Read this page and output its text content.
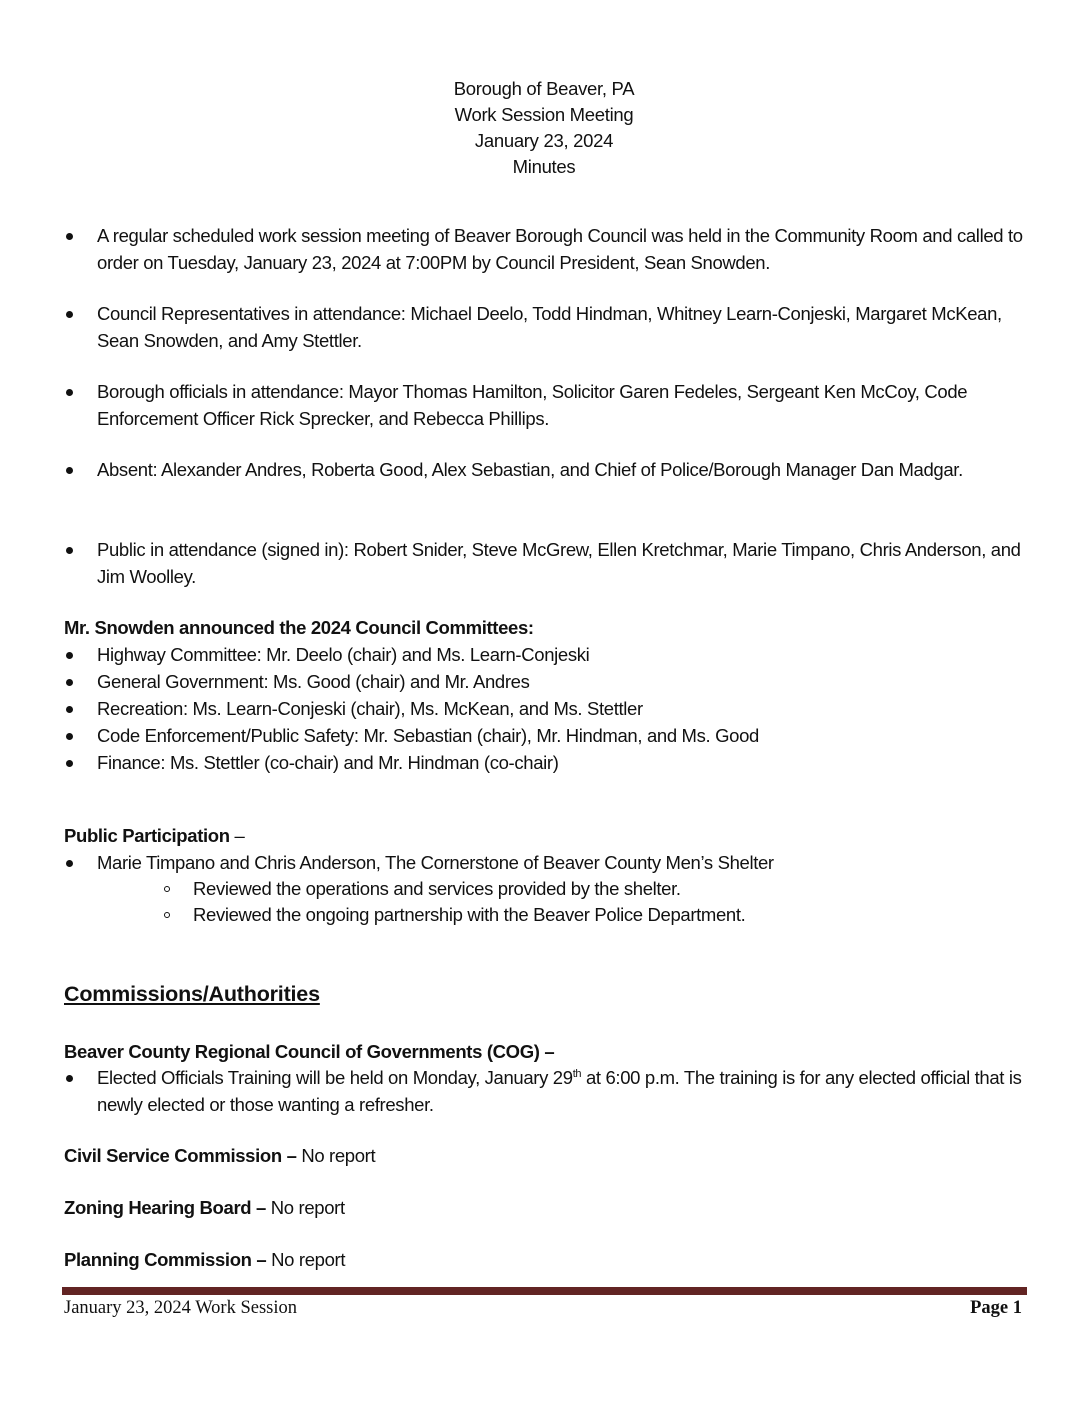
Borough of Beaver, PA
Work Session Meeting
January 23, 2024
Minutes
A regular scheduled work session meeting of Beaver Borough Council was held in the Community Room and called to order on Tuesday, January 23, 2024 at 7:00PM by Council President, Sean Snowden.
Council Representatives in attendance: Michael Deelo, Todd Hindman, Whitney Learn-Conjeski, Margaret McKean, Sean Snowden, and Amy Stettler.
Borough officials in attendance: Mayor Thomas Hamilton, Solicitor Garen Fedeles, Sergeant Ken McCoy, Code Enforcement Officer Rick Sprecker, and Rebecca Phillips.
Absent: Alexander Andres, Roberta Good, Alex Sebastian, and Chief of Police/Borough Manager Dan Madgar.
Public in attendance (signed in): Robert Snider, Steve McGrew, Ellen Kretchmar, Marie Timpano, Chris Anderson, and Jim Woolley.
Mr. Snowden announced the 2024 Council Committees:
Highway Committee: Mr. Deelo (chair) and Ms. Learn-Conjeski
General Government: Ms. Good (chair) and Mr. Andres
Recreation: Ms. Learn-Conjeski (chair), Ms. McKean, and Ms. Stettler
Code Enforcement/Public Safety: Mr. Sebastian (chair), Mr. Hindman, and Ms. Good
Finance: Ms. Stettler (co-chair) and Mr. Hindman (co-chair)
Public Participation –
Marie Timpano and Chris Anderson, The Cornerstone of Beaver County Men’s Shelter
Reviewed the operations and services provided by the shelter.
Reviewed the ongoing partnership with the Beaver Police Department.
Commissions/Authorities
Beaver County Regional Council of Governments (COG) –
Elected Officials Training will be held on Monday, January 29th at 6:00 p.m. The training is for any elected official that is newly elected or those wanting a refresher.
Civil Service Commission – No report
Zoning Hearing Board – No report
Planning Commission – No report
January 23, 2024 Work Session	Page 1
